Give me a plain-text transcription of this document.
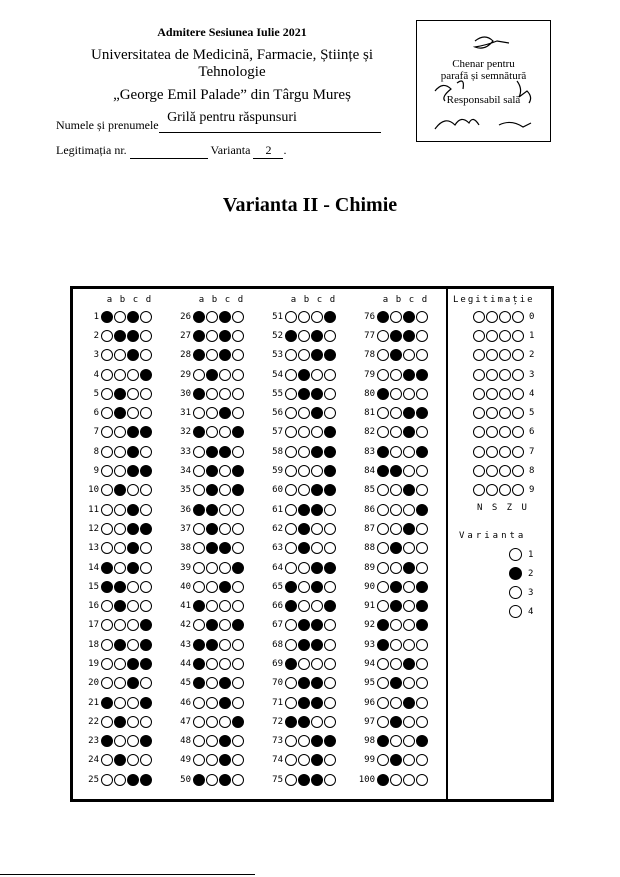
Admitere Sesiunea Iulie 2021
Universitatea de Medicină, Farmacie, Științe și Tehnologie
„George Emil Palade” din Târgu Mureș
Grilă pentru răspunsuri
Numele și prenumele
Legitimația nr.	Varianta 2 .
Chenar pentru
parafă și semnătură
Responsabil sală
Varianta II - Chimie
a b c d
1
2
3
4
5
6
7
8
9
10
11
12
13
14
15
16
17
18
19
20
21
22
23
24
25
a b c d
26
27
28
29
30
31
32
33
34
35
36
37
38
39
40
41
42
43
44
45
46
47
48
49
50
a b c d
51
52
53
54
55
56
57
58
59
60
61
62
63
64
65
66
67
68
69
70
71
72
73
74
75
a b c d
76
77
78
79
80
81
82
83
84
85
86
87
88
89
90
91
92
93
94
95
96
97
98
99
100
Legitimație
0
1
2
3
4
5
6
7
8
9
N S Z U
Varianta
1
2
3
4
